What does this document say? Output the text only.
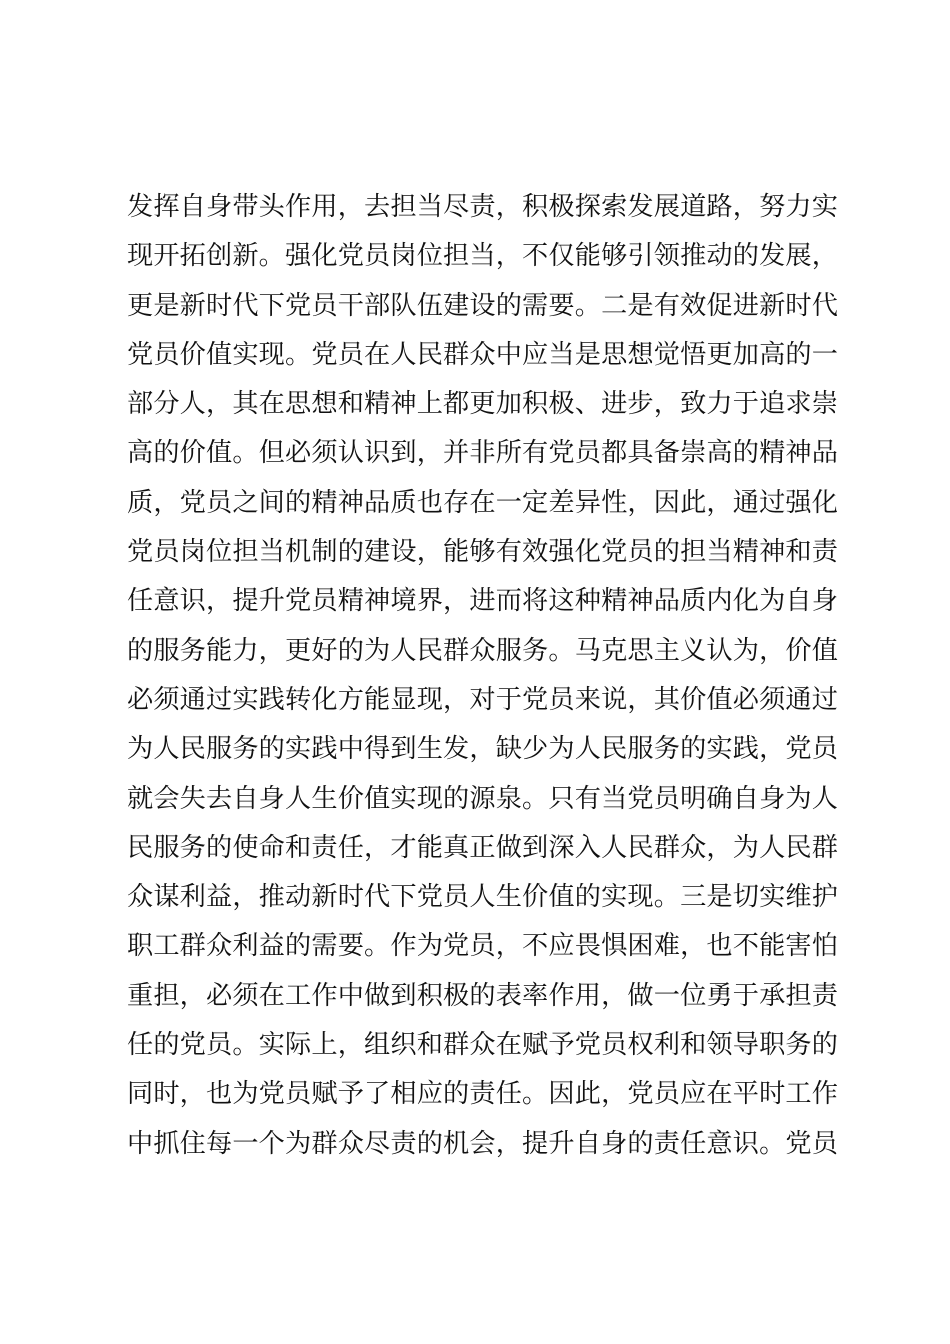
发挥自身带头作用，去担当尽责，积极探索发展道路，努力实
现开拓创新。强化党员岗位担当，不仅能够引领推动的发展，
更是新时代下党员干部队伍建设的需要。二是有效促进新时代
党员价值实现。党员在人民群众中应当是思想觉悟更加高的一
部分人，其在思想和精神上都更加积极、进步，致力于追求崇
高的价值。但必须认识到，并非所有党员都具备崇高的精神品
质，党员之间的精神品质也存在一定差异性，因此，通过强化
党员岗位担当机制的建设，能够有效强化党员的担当精神和责
任意识，提升党员精神境界，进而将这种精神品质内化为自身
的服务能力，更好的为人民群众服务。马克思主义认为，价值
必须通过实践转化方能显现，对于党员来说，其价值必须通过
为人民服务的实践中得到生发，缺少为人民服务的实践，党员
就会失去自身人生价值实现的源泉。只有当党员明确自身为人
民服务的使命和责任，才能真正做到深入人民群众，为人民群
众谋利益，推动新时代下党员人生价值的实现。三是切实维护
职工群众利益的需要。作为党员，不应畏惧困难，也不能害怕
重担，必须在工作中做到积极的表率作用，做一位勇于承担责
任的党员。实际上，组织和群众在赋予党员权利和领导职务的
同时，也为党员赋予了相应的责任。因此，党员应在平时工作
中抓住每一个为群众尽责的机会，提升自身的责任意识。党员
